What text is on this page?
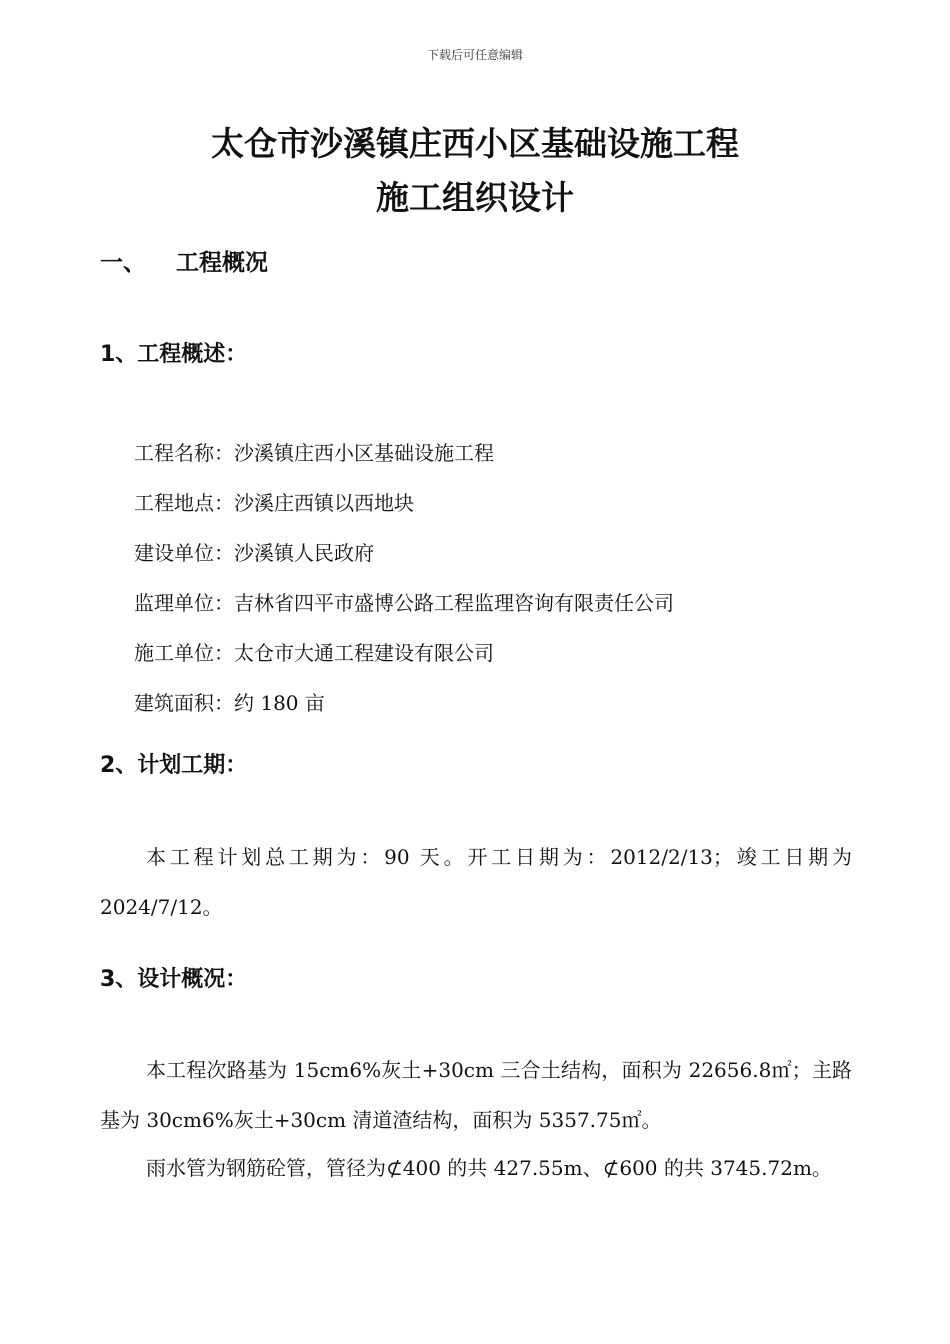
下载后可任意编辑
太仓市沙溪镇庄西小区基础设施工程
施工组织设计
一、	工程概况
1、工程概述：
工程名称：沙溪镇庄西小区基础设施工程
工程地点：沙溪庄西镇以西地块
建设单位：沙溪镇人民政府
监理单位：吉林省四平市盛博公路工程监理咨询有限责任公司
施工单位：太仓市大通工程建设有限公司
建筑面积：约 180 亩
2、计划工期：
本工程计划总工期为：90 天。开工日期为：2012/2/13；竣工日期为 2024/7/12。
3、设计概况：
本工程次路基为 15cm6%灰土+30cm 三合土结构，面积为 22656.8㎡；主路基为 30cm6%灰土+30cm 清道渣结构，面积为 5357.75㎡。
雨水管为钢筋砼管，管径为⊄400 的共 427.55m、⊄600 的共 3745.72m。
